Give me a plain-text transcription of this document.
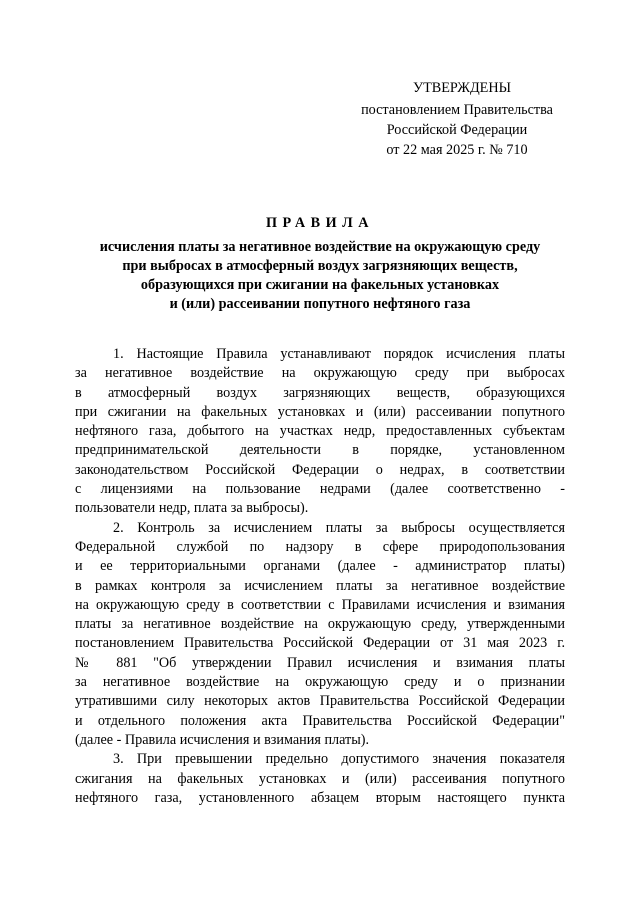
УТВЕРЖДЕНЫ
постановлением Правительства
Российской Федерации
от 22 мая 2025 г. № 710
ПРАВИЛА
исчисления платы за негативное воздействие на окружающую среду
при выбросах в атмосферный воздух загрязняющих веществ,
образующихся при сжигании на факельных установках
и (или) рассеивании попутного нефтяного газа

1. Настоящие Правила устанавливают порядок исчисления платы
за негативное воздействие на окружающую среду при выбросах
в атмосферный воздух загрязняющих веществ, образующихся
при сжигании на факельных установках и (или) рассеивании попутного
нефтяного газа, добытого на участках недр, предоставленных субъектам
предпринимательской деятельности в порядке, установленном
законодательством Российской Федерации о недрах, в соответствии
с лицензиями на пользование недрами (далее соответственно -
пользователи недр, плата за выбросы).

2. Контроль за исчислением платы за выбросы осуществляется
Федеральной службой по надзору в сфере природопользования
и ее территориальными органами (далее - администратор платы)
в рамках контроля за исчислением платы за негативное воздействие
на окружающую среду в соответствии с Правилами исчисления и взимания
платы за негативное воздействие на окружающую среду, утвержденными
постановлением Правительства Российской Федерации от 31 мая 2023 г.
№ 881 "Об утверждении Правил исчисления и взимания платы
за негативное воздействие на окружающую среду и о признании
утратившими силу некоторых актов Правительства Российской Федерации
и отдельного положения акта Правительства Российской Федерации"
(далее - Правила исчисления и взимания платы).

3. При превышении предельно допустимого значения показателя
сжигания на факельных установках и (или) рассеивания попутного
нефтяного газа, установленного абзацем вторым настоящего пункта
